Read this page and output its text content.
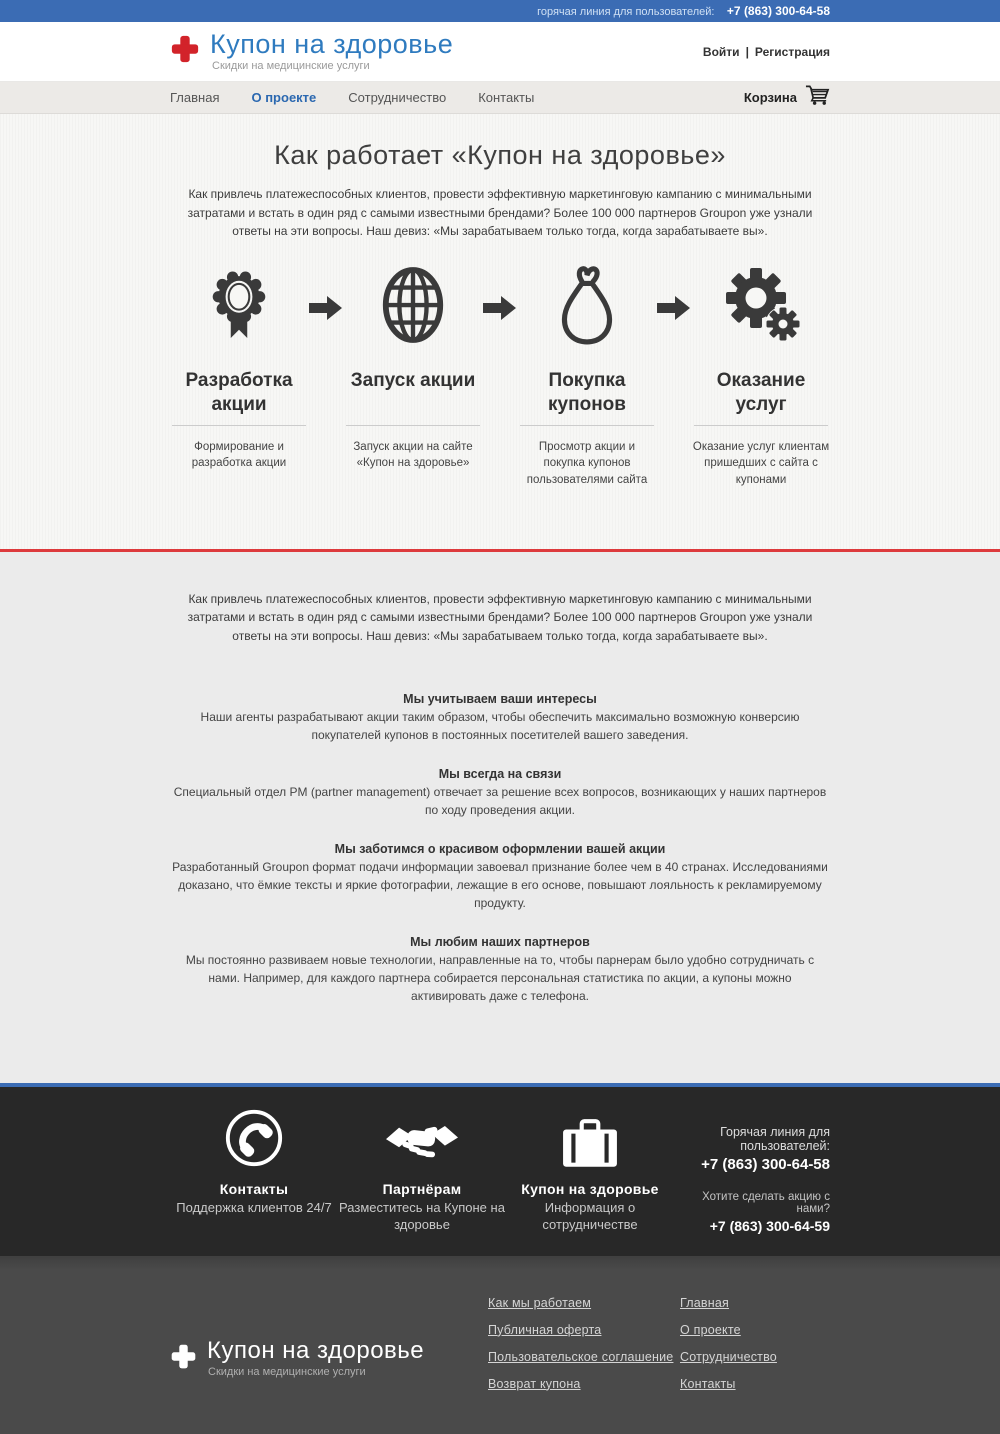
горячая линия для пользователей: +7 (863) 300-64-58
Купон на здоровье
Скидки на медицинские услуги
Войти | Регистрация
Главная О проекте Сотрудничество Контакты	Корзина
Как работает «Купон на здоровье»

Как привлечь платежеспособных клиентов, провести эффективную маркетинговую кампанию с минимальными затратами и встать в один ряд с самыми известными брендами? Более 100 000 партнеров Groupon уже узнали ответы на эти вопросы. Наш девиз: «Мы зарабатываем только тогда, когда зарабатываете вы».

Разработка акции
Формирование и разработка акции
Запуск акции
Запуск акции на сайте «Купон на здоровье»
Покупка купонов
Просмотр акции и покупка купонов пользователями сайта
Оказание услуг
Оказание услуг клиентам пришедших с сайта с купонами

Как привлечь платежеспособных клиентов, провести эффективную маркетинговую кампанию с минимальными затратами и встать в один ряд с самыми известными брендами? Более 100 000 партнеров Groupon уже узнали ответы на эти вопросы. Наш девиз: «Мы зарабатываем только тогда, когда зарабатываете вы».

Мы учитываем ваши интересы
Наши агенты разрабатывают акции таким образом, чтобы обеспечить максимально возможную конверсию покупателей купонов в постоянных посетителей вашего заведения.
Мы всегда на связи
Специальный отдел PM (partner management) отвечает за решение всех вопросов, возникающих у наших партнеров по ходу проведения акции.
Мы заботимся о красивом оформлении вашей акции
Разработанный Groupon формат подачи информации завоевал признание более чем в 40 странах. Исследованиями доказано, что ёмкие тексты и яркие фотографии, лежащие в его основе, повышают лояльность к рекламируемому продукту.
Мы любим наших партнеров
Мы постоянно развиваем новые технологии, направленные на то, чтобы парнерам было удобно сотрудничать с нами. Например, для каждого партнера собирается персональная статистика по акции, а купоны можно активировать даже с телефона.
Контакты
Поддержка клиентов 24/7
Партнёрам
Разместитесь на Купоне на здоровье
Купон на здоровье
Информация о сотрудничестве
Горячая линия для пользователей:
+7 (863) 300-64-58
Хотите сделать акцию с нами?
+7 (863) 300-64-59
Купон на здоровье
Скидки на медицинские услуги
Как мы работаем
Публичная оферта
Пользовательское соглашение
Возврат купона
Главная
О проекте
Сотрудничество
Контакты
